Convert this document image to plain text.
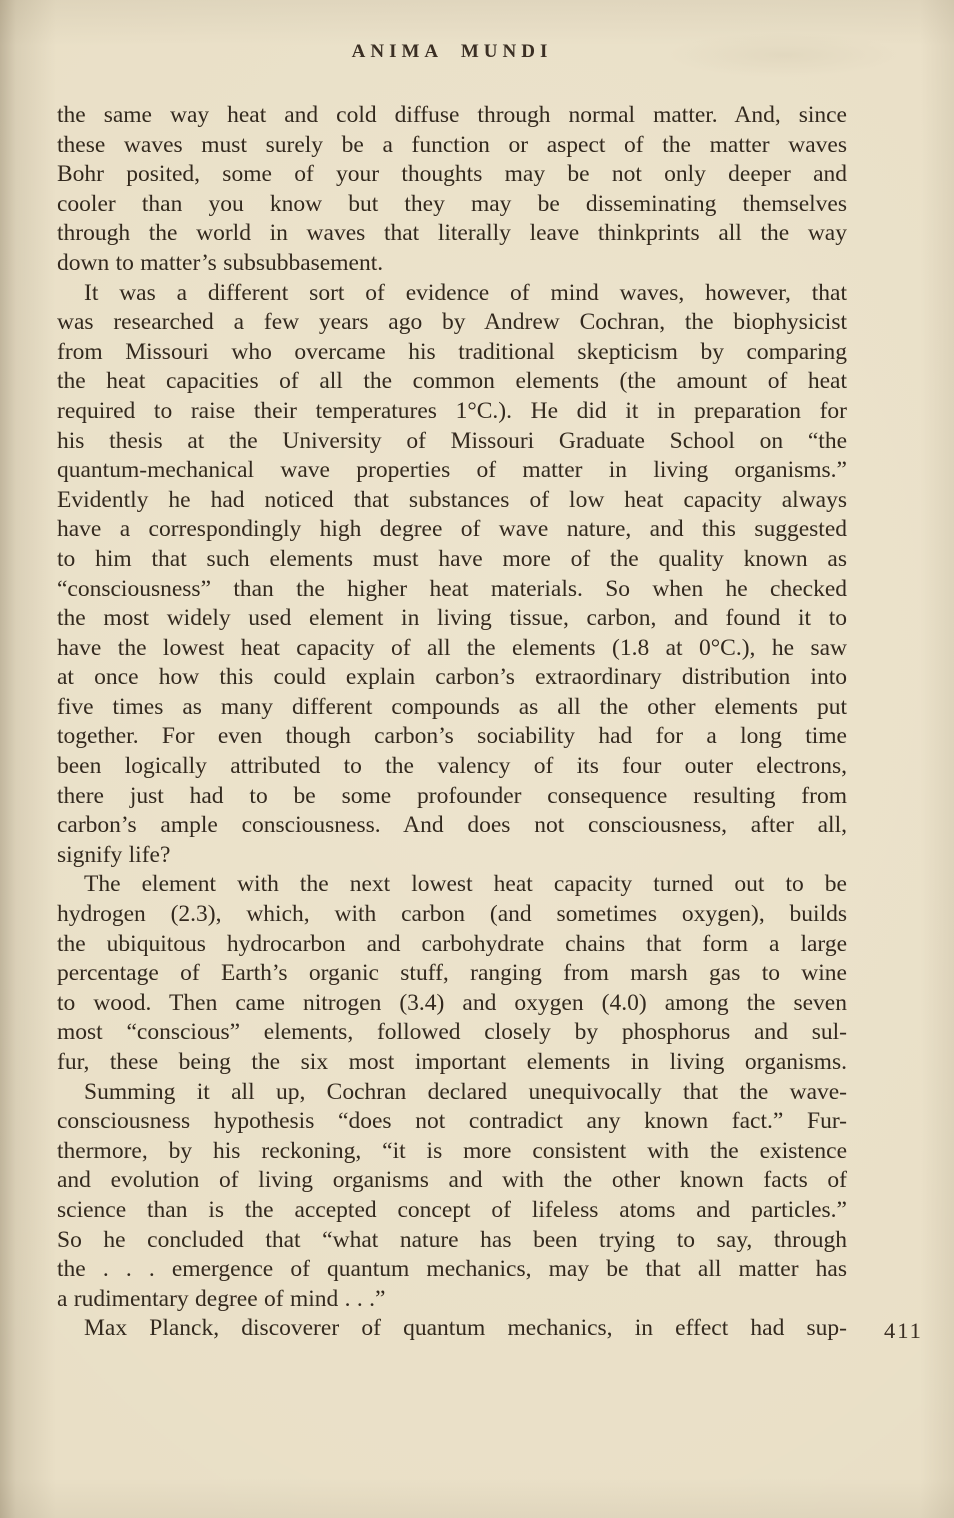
ANIMA MUNDI
the same way heat and cold diffuse through normal matter. And, since
these waves must surely be a function or aspect of the matter waves
Bohr posited, some of your thoughts may be not only deeper and
cooler than you know but they may be disseminating themselves
through the world in waves that literally leave thinkprints all the way
down to matter’s subsubbasement.
It was a different sort of evidence of mind waves, however, that
was researched a few years ago by Andrew Cochran, the biophysicist
from Missouri who overcame his traditional skepticism by comparing
the heat capacities of all the common elements (the amount of heat
required to raise their temperatures 1°C.). He did it in preparation for
his thesis at the University of Missouri Graduate School on “the
quantum-mechanical wave properties of matter in living organisms.”
Evidently he had noticed that substances of low heat capacity always
have a correspondingly high degree of wave nature, and this suggested
to him that such elements must have more of the quality known as
“consciousness” than the higher heat materials. So when he checked
the most widely used element in living tissue, carbon, and found it to
have the lowest heat capacity of all the elements (1.8 at 0°C.), he saw
at once how this could explain carbon’s extraordinary distribution into
five times as many different compounds as all the other elements put
together. For even though carbon’s sociability had for a long time
been logically attributed to the valency of its four outer electrons,
there just had to be some profounder consequence resulting from
carbon’s ample consciousness. And does not consciousness, after all,
signify life?
The element with the next lowest heat capacity turned out to be
hydrogen (2.3), which, with carbon (and sometimes oxygen), builds
the ubiquitous hydrocarbon and carbohydrate chains that form a large
percentage of Earth’s organic stuff, ranging from marsh gas to wine
to wood. Then came nitrogen (3.4) and oxygen (4.0) among the seven
most “conscious” elements, followed closely by phosphorus and sul-
fur, these being the six most important elements in living organisms.
Summing it all up, Cochran declared unequivocally that the wave-
consciousness hypothesis “does not contradict any known fact.” Fur-
thermore, by his reckoning, “it is more consistent with the existence
and evolution of living organisms and with the other known facts of
science than is the accepted concept of lifeless atoms and particles.”
So he concluded that “what nature has been trying to say, through
the . . . emergence of quantum mechanics, may be that all matter has
a rudimentary degree of mind . . .”
Max Planck, discoverer of quantum mechanics, in effect had sup- 411
